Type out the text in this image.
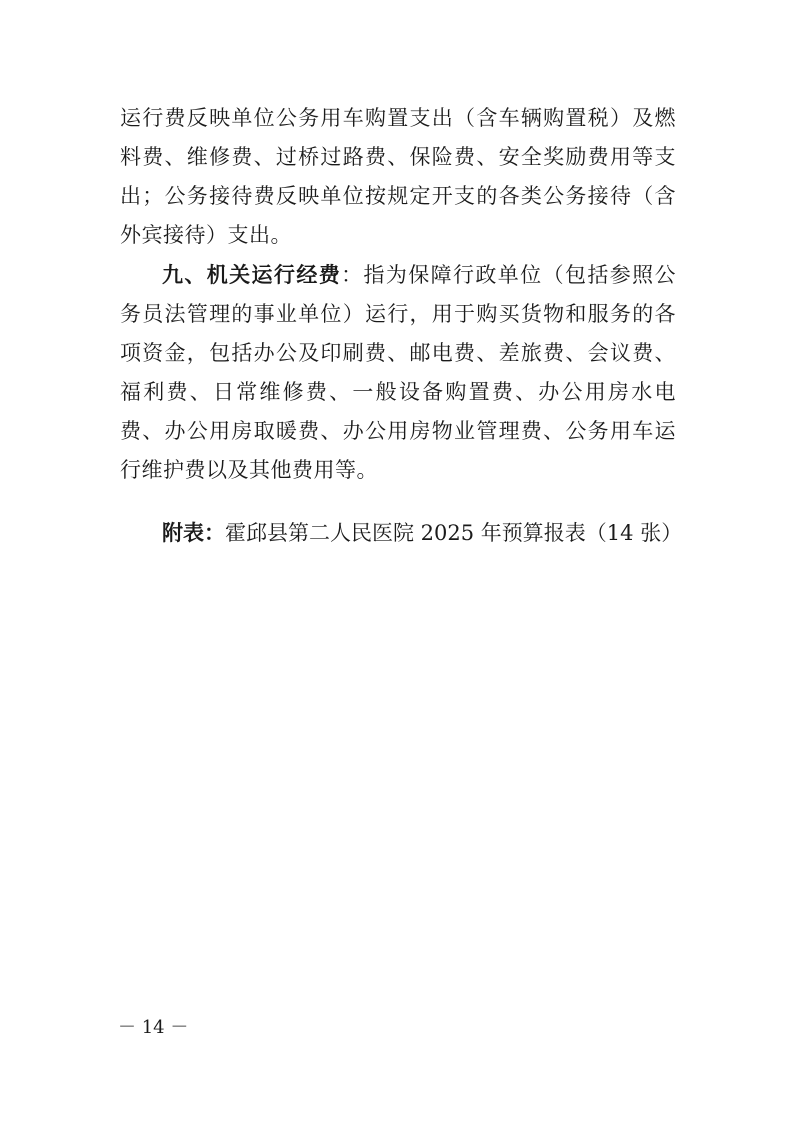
运行费反映单位公务用车购置支出（含车辆购置税）及燃料费、维修费、过桥过路费、保险费、安全奖励费用等支出；公务接待费反映单位按规定开支的各类公务接待（含外宾接待）支出。

九、机关运行经费：指为保障行政单位（包括参照公务员法管理的事业单位）运行，用于购买货物和服务的各项资金，包括办公及印刷费、邮电费、差旅费、会议费、福利费、日常维修费、一般设备购置费、办公用房水电费、办公用房取暖费、办公用房物业管理费、公务用车运行维护费以及其他费用等。

附表：霍邱县第二人民医院 2025 年预算报表（14 张）

－ 14 －
